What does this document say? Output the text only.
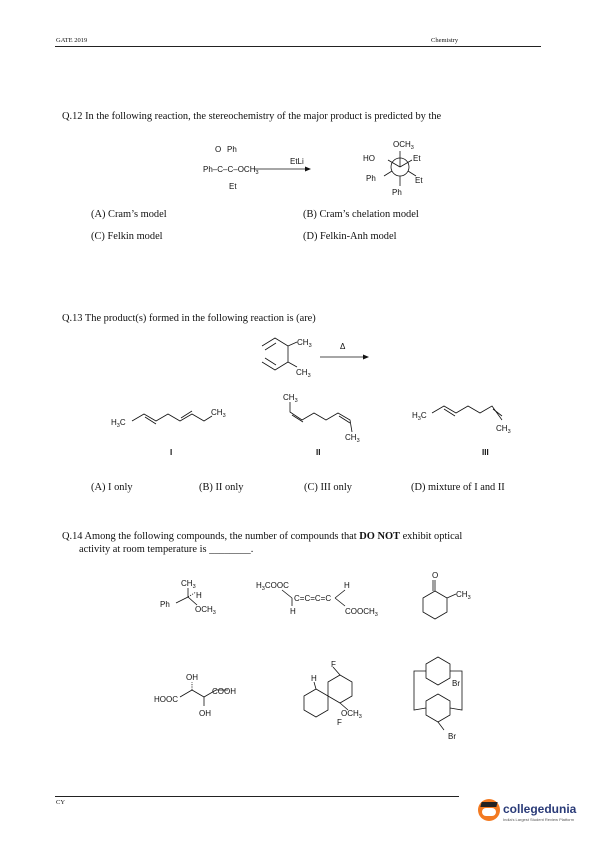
GATE 2019	Chemistry
Q.12 In the following reaction, the stereochemistry of the major product is predicted by the
(A) Cram’s model	(B) Cram’s chelation model
(C) Felkin model	(D) Felkin-Anh model
Q.13 The product(s) formed in the following reaction is (are)
(A) I only	(B) II only	(C) III only	(D) mixture of I and II
Q.14 Among the following compounds, the number of compounds that DO NOT exhibit optical
activity at room temperature is ________.
CY
O Ph
$Ph-C-C-OCH_3$
Et
EtLi
$OCH_3$
HO	Et
Ph	Et
Ph
$CH_3$
$CH_3$
Δ
$H_3C$
$CH_3$
$CH_3$
$CH_3$
$H_3C$
$CH_3$
I	II	III
$CH_3$
H
Ph
$OCH_3$
$H_3COOC$	H
C=C=C=C
H	$COOCH_3$
O
$CH_3$
OH
COOH
HOOC
OH
F
H
$OCH_3$
F
Br
Br
collegedunia
India's Largest Student Review Platform
